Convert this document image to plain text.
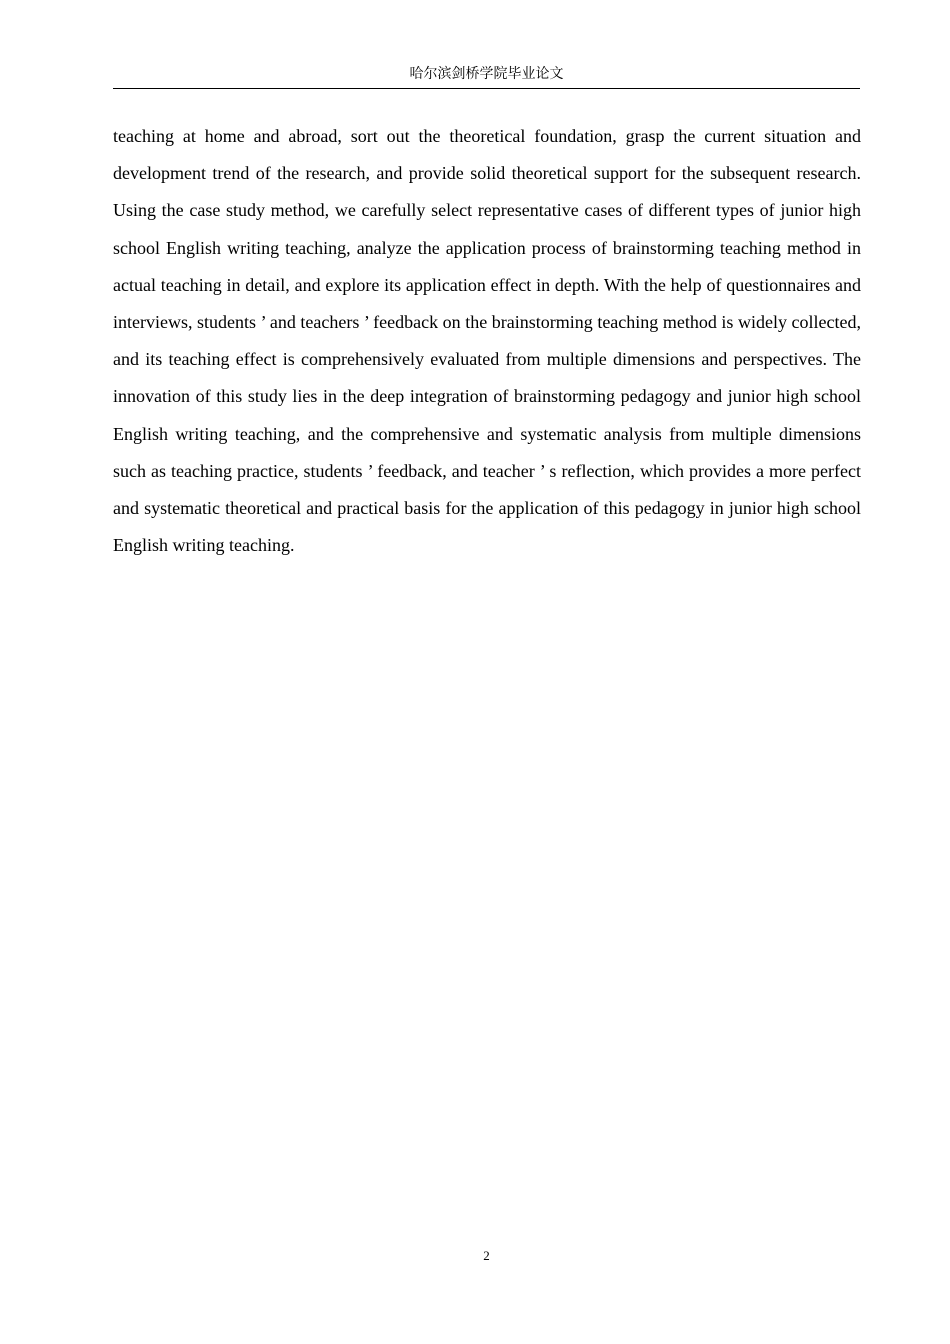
哈尔滨剑桥学院毕业论文

teaching at home and abroad, sort out the theoretical foundation, grasp the current situation and development trend of the research, and provide solid theoretical support for the subsequent research. Using the case study method, we carefully select representative cases of different types of junior high school English writing teaching, analyze the application process of brainstorming teaching method in actual teaching in detail, and explore its application effect in depth. With the help of questionnaires and interviews, students ’ and teachers ’ feedback on the brainstorming teaching method is widely collected, and its teaching effect is comprehensively evaluated from multiple dimensions and perspectives. The innovation of this study lies in the deep integration of brainstorming pedagogy and junior high school English writing teaching, and the comprehensive and systematic analysis from multiple dimensions such as teaching practice, students ’ feedback, and teacher ’ s reflection, which provides a more perfect and systematic theoretical and practical basis for the application of this pedagogy in junior high school English writing teaching.

2
